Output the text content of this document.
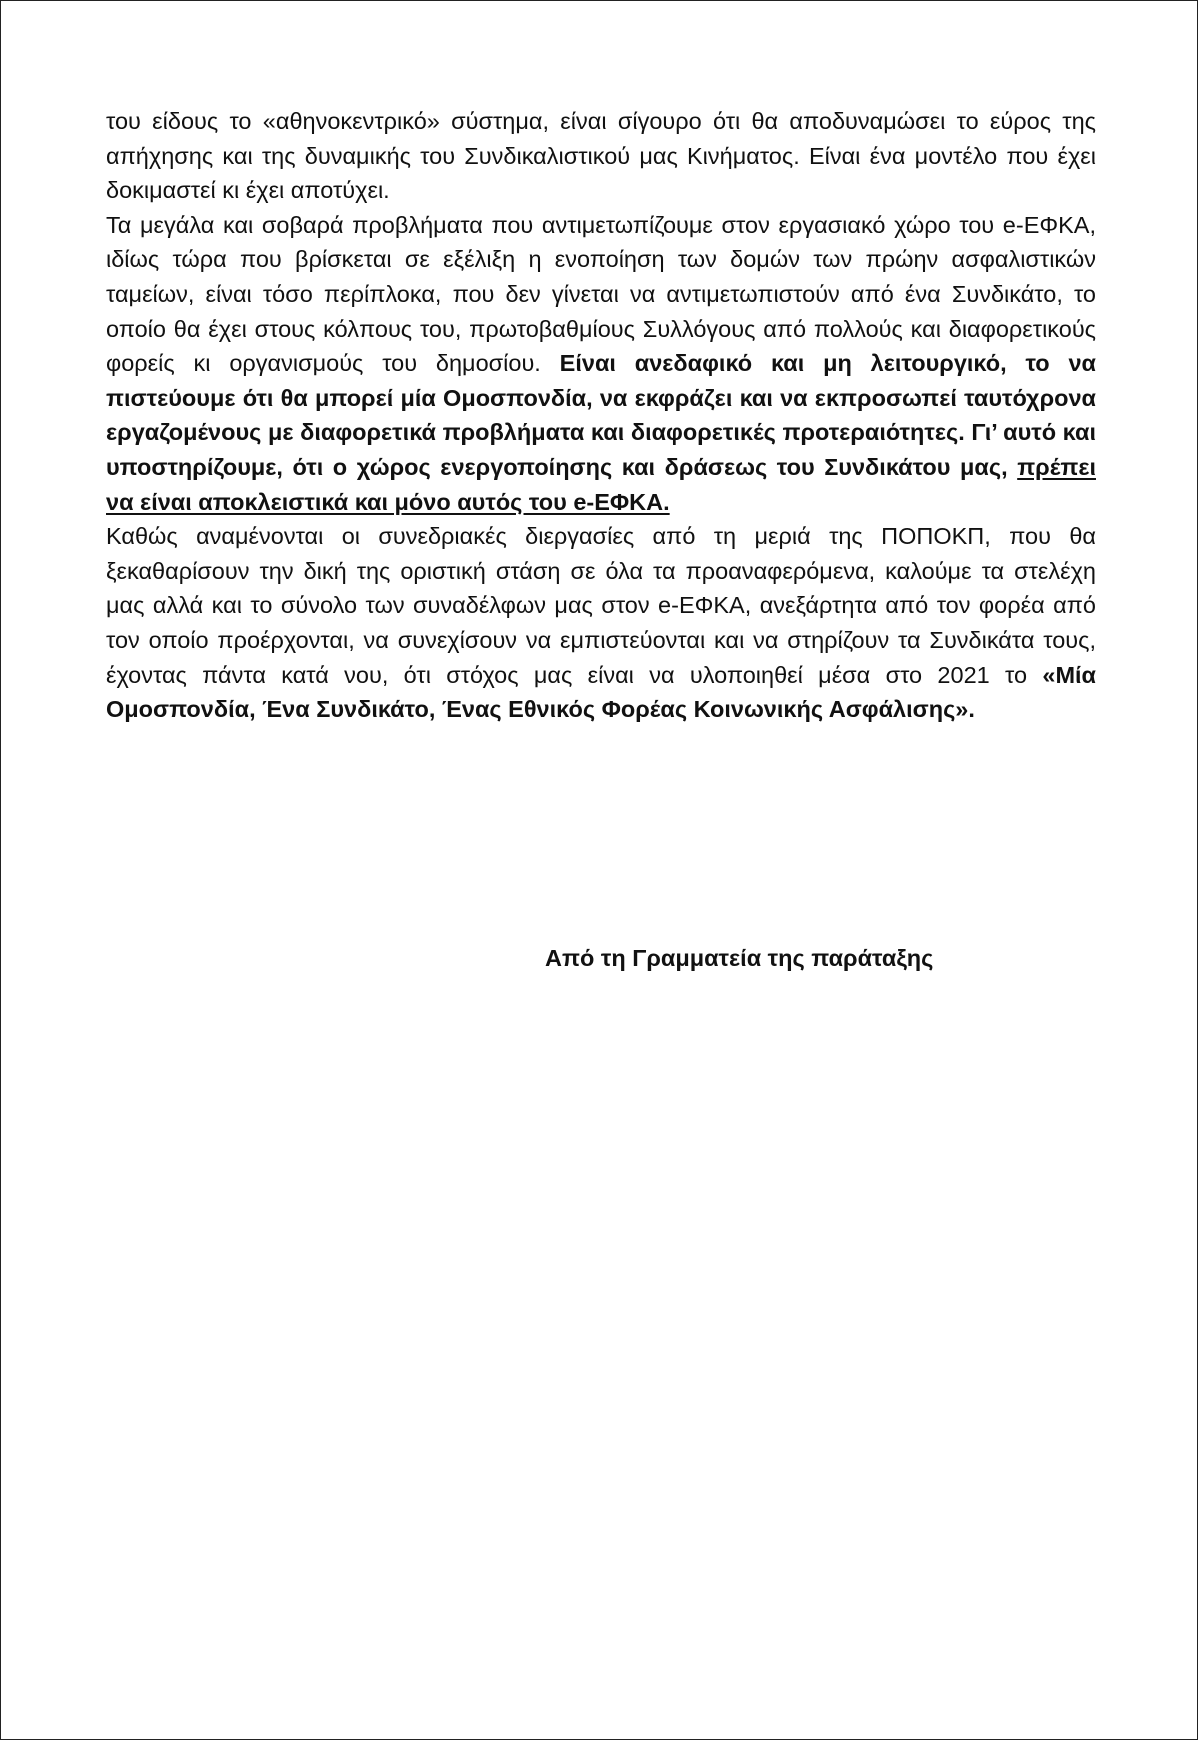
του είδους το «αθηνοκεντρικό» σύστημα, είναι σίγουρο ότι θα αποδυναμώσει το εύρος της απήχησης και της δυναμικής του Συνδικαλιστικού μας Κινήματος. Είναι ένα μοντέλο που έχει δοκιμαστεί κι έχει αποτύχει.

Τα μεγάλα και σοβαρά προβλήματα που αντιμετωπίζουμε στον εργασιακό χώρο του e-ΕΦΚΑ, ιδίως τώρα που βρίσκεται σε εξέλιξη η ενοποίηση των δομών των πρώην ασφαλιστικών ταμείων, είναι τόσο περίπλοκα, που δεν γίνεται να αντιμετωπιστούν από ένα Συνδικάτο, το οποίο θα έχει στους κόλπους του, πρωτοβαθμίους Συλλόγους από πολλούς και διαφορετικούς φορείς κι οργανισμούς του δημοσίου. Είναι ανεδαφικό και μη λειτουργικό, το να πιστεύουμε ότι θα μπορεί μία Ομοσπονδία, να εκφράζει και να εκπροσωπεί ταυτόχρονα εργαζομένους με διαφορετικά προβλήματα και διαφορετικές προτεραιότητες. Γι’ αυτό και υποστηρίζουμε, ότι ο χώρος ενεργοποίησης και δράσεως του Συνδικάτου μας, πρέπει να είναι αποκλειστικά και μόνο αυτός του e-ΕΦΚΑ.

Καθώς αναμένονται οι συνεδριακές διεργασίες από τη μεριά της ΠΟΠΟΚΠ, που θα ξεκαθαρίσουν την δική της οριστική στάση σε όλα τα προαναφερόμενα, καλούμε τα στελέχη μας αλλά και το σύνολο των συναδέλφων μας στον e-ΕΦΚΑ, ανεξάρτητα από τον φορέα από τον οποίο προέρχονται, να συνεχίσουν να εμπιστεύονται και να στηρίζουν τα Συνδικάτα τους, έχοντας πάντα κατά νου, ότι στόχος μας είναι να υλοποιηθεί μέσα στο 2021 το «Μία Ομοσπονδία, Ένα Συνδικάτο, Ένας Εθνικός Φορέας Κοινωνικής Ασφάλισης».

Από τη Γραμματεία της παράταξης
